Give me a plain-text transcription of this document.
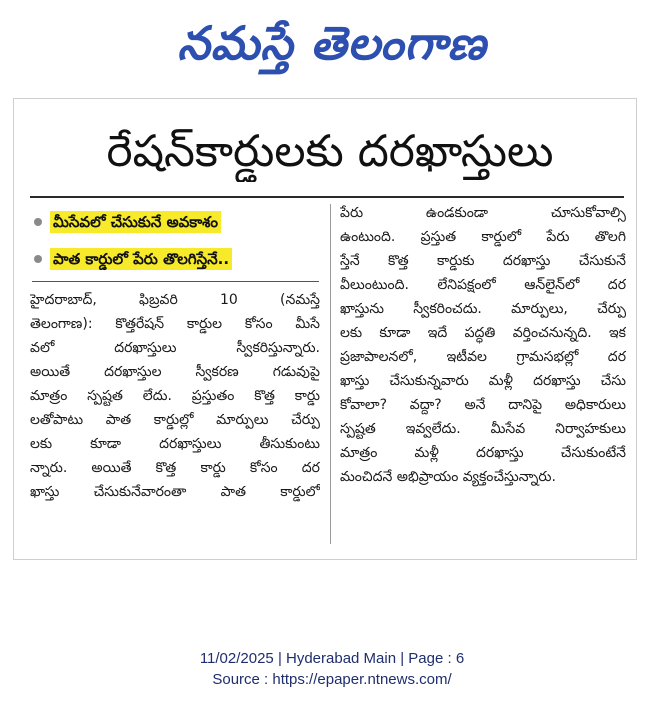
నమస్తే తెలంగాణ
రేషన్‌కార్డులకు దరఖాస్తులు
మీసేవలో చేసుకునే అవకాశం
పాత కార్డులో పేరు తొలగిస్తేనే..
హైదరాబాద్, ఫిబ్రవరి 10 (నమస్తే
తెలంగాణ): కొత్తరేషన్ కార్డుల కోసం మీసే
వలో దరఖాస్తులు స్వీకరిస్తున్నారు.
అయితే దరఖాస్తుల స్వీకరణ గడువుపై
మాత్రం స్పష్టత లేదు. ప్రస్తుతం కొత్త కార్డు
లతోపాటు పాత కార్డుల్లో మార్పులు చేర్పు
లకు కూడా దరఖాస్తులు తీసుకుంటు
న్నారు. అయితే కొత్త కార్డు కోసం దర
ఖాస్తు చేసుకునేవారంతా పాత కార్డులో
పేరు ఉండకుండా చూసుకోవాల్సి
ఉంటుంది. ప్రస్తుత కార్డులో పేరు తొలగి
స్తేనే కొత్త కార్డుకు దరఖాస్తు చేసుకునే
వీలుంటుంది. లేనిపక్షంలో ఆన్‌లైన్‌లో దర
ఖాస్తును స్వీకరించదు. మార్పులు, చేర్పు
లకు కూడా ఇదే పద్ధతి వర్తించనున్నది. ఇక
ప్రజాపాలనలో, ఇటీవల గ్రామసభల్లో దర
ఖాస్తు చేసుకున్నవారు మళ్లీ దరఖాస్తు చేసు
కోవాలా? వద్దా? అనే దానిపై అధికారులు
స్పష్టత ఇవ్వలేదు. మీసేవ నిర్వాహకులు
మాత్రం మళ్లీ దరఖాస్తు చేసుకుంటేనే
మంచిదనే అభిప్రాయం వ్యక్తంచేస్తున్నారు.
11/02/2025 | Hyderabad Main | Page : 6
Source : https://epaper.ntnews.com/
